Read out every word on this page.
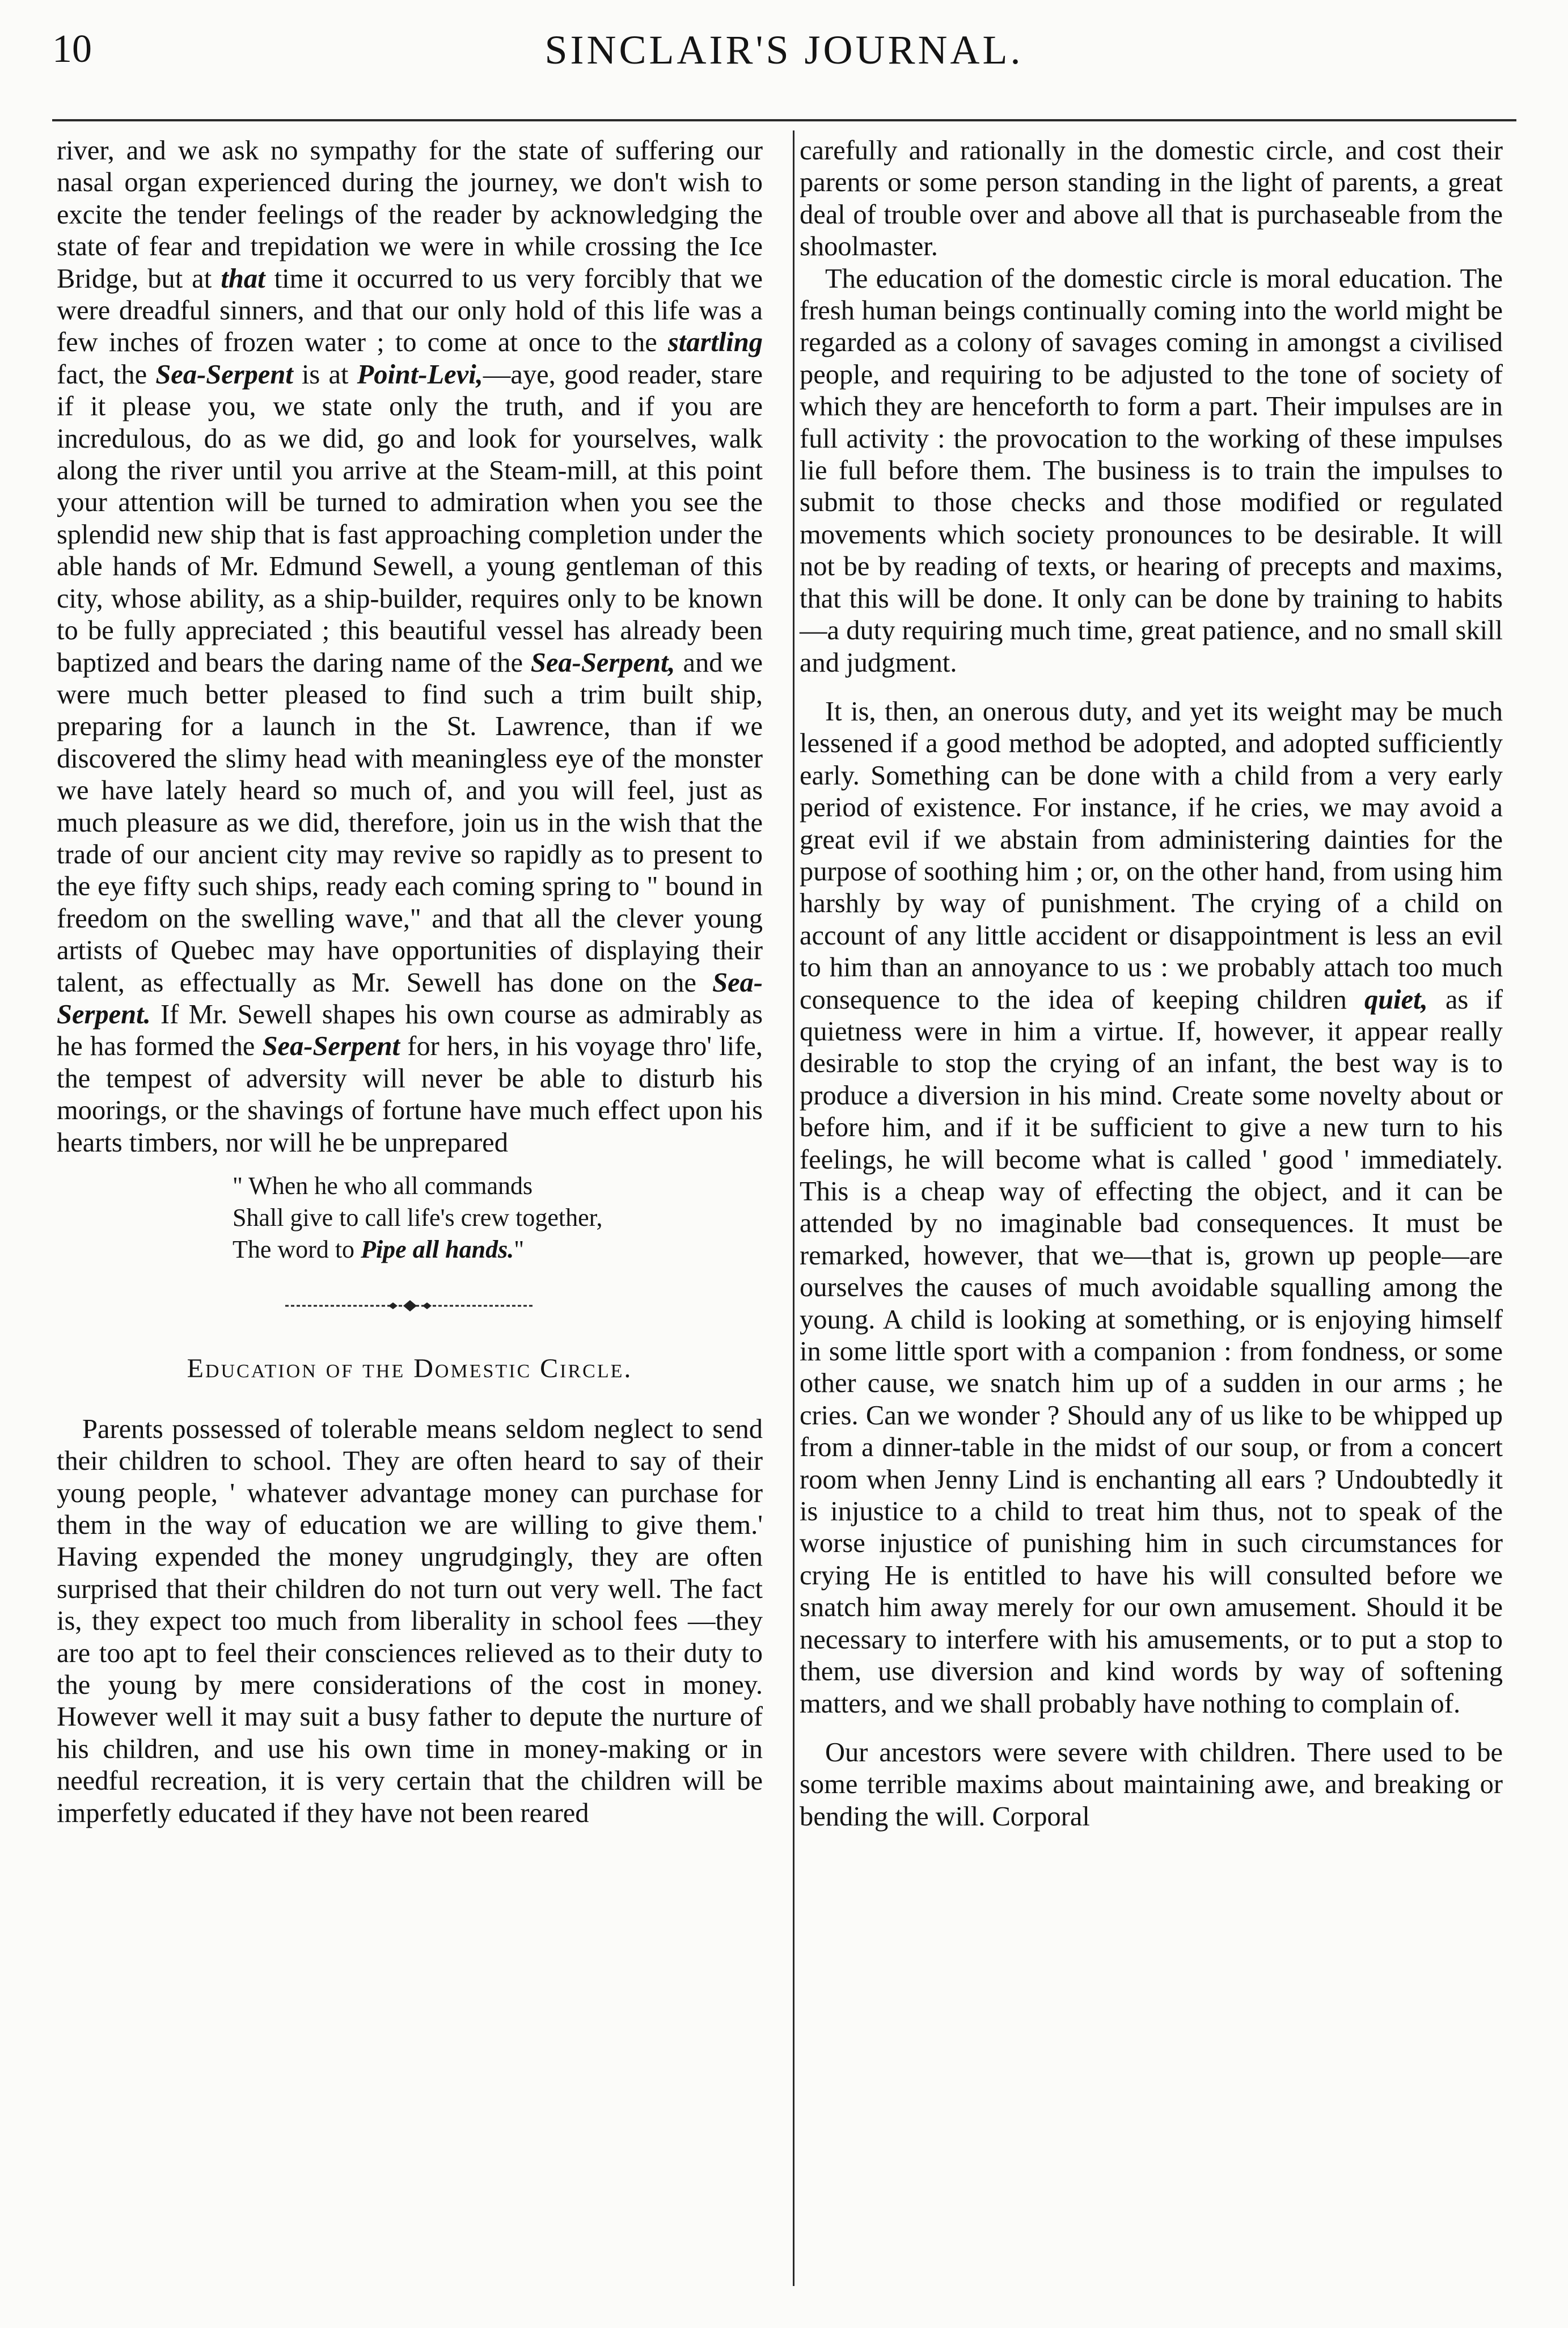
10	SINCLAIR'S JOURNAL.

river, and we ask no sympathy for the state of suffering our nasal organ experienced during the journey, we don't wish to excite the tender feelings of the reader by acknowledging the state of fear and trepidation we were in while crossing the Ice Bridge, but at that time it occurred to us very forcibly that we were dreadful sinners, and that our only hold of this life was a few inches of frozen water ; to come at once to the startling fact, the Sea-Serpent is at Point-Levi,—aye, good reader, stare if it please you, we state only the truth, and if you are incredulous, do as we did, go and look for yourselves, walk along the river until you arrive at the Steam-mill, at this point your attention will be turned to admiration when you see the splendid new ship that is fast approaching completion under the able hands of Mr. Edmund Sewell, a young gentleman of this city, whose ability, as a ship-builder, requires only to be known to be fully appreciated ; this beautiful vessel has already been baptized and bears the daring name of the Sea-Serpent, and we were much better pleased to find such a trim built ship, preparing for a launch in the St. Lawrence, than if we discovered the slimy head with meaningless eye of the monster we have lately heard so much of, and you will feel, just as much pleasure as we did, therefore, join us in the wish that the trade of our ancient city may revive so rapidly as to present to the eye fifty such ships, ready each coming spring to " bound in freedom on the swelling wave," and that all the clever young artists of Quebec may have opportunities of displaying their talent, as effectually as Mr. Sewell has done on the Sea-Serpent. If Mr. Sewell shapes his own course as admirably as he has formed the Sea-Serpent for hers, in his voyage thro' life, the tempest of adversity will never be able to disturb his moorings, or the shavings of fortune have much effect upon his hearts timbers, nor will he be unprepared

" When he who all commands
Shall give to call life's crew together,
The word to Pipe all hands."
Education of the Domestic Circle.

Parents possessed of tolerable means seldom neglect to send their children to school. They are often heard to say of their young people, ' whatever advantage money can purchase for them in the way of education we are willing to give them.' Having expended the money ungrudgingly, they are often surprised that their children do not turn out very well. The fact is, they expect too much from liberality in school fees —they are too apt to feel their consciences relieved as to their duty to the young by mere considerations of the cost in money. However well it may suit a busy father to depute the nurture of his children, and use his own time in money-making or in needful recreation, it is very certain that the children will be imperfetly educated if they have not been reared

carefully and rationally in the domestic circle, and cost their parents or some person standing in the light of parents, a great deal of trouble over and above all that is purchaseable from the shoolmaster.

The education of the domestic circle is moral education. The fresh human beings continually coming into the world might be regarded as a colony of savages coming in amongst a civilised people, and requiring to be adjusted to the tone of society of which they are henceforth to form a part. Their impulses are in full activity : the provocation to the working of these impulses lie full before them. The business is to train the impulses to submit to those checks and those modified or regulated movements which society pronounces to be desirable. It will not be by reading of texts, or hearing of precepts and maxims, that this will be done. It only can be done by training to habits—a duty requiring much time, great patience, and no small skill and judgment.

It is, then, an onerous duty, and yet its weight may be much lessened if a good method be adopted, and adopted sufficiently early. Something can be done with a child from a very early period of existence. For instance, if he cries, we may avoid a great evil if we abstain from administering dainties for the purpose of soothing him ; or, on the other hand, from using him harshly by way of punishment. The crying of a child on account of any little accident or disappointment is less an evil to him than an annoyance to us : we probably attach too much consequence to the idea of keeping children quiet, as if quietness were in him a virtue. If, however, it appear really desirable to stop the crying of an infant, the best way is to produce a diversion in his mind. Create some novelty about or before him, and if it be sufficient to give a new turn to his feelings, he will become what is called ' good ' immediately. This is a cheap way of effecting the object, and it can be attended by no imaginable bad consequences. It must be remarked, however, that we—that is, grown up people—are ourselves the causes of much avoidable squalling among the young. A child is looking at something, or is enjoying himself in some little sport with a companion : from fondness, or some other cause, we snatch him up of a sudden in our arms ; he cries. Can we wonder ? Should any of us like to be whipped up from a dinner-table in the midst of our soup, or from a concert room when Jenny Lind is enchanting all ears ? Undoubtedly it is injustice to a child to treat him thus, not to speak of the worse injustice of punishing him in such circumstances for crying He is entitled to have his will consulted before we snatch him away merely for our own amusement. Should it be necessary to interfere with his amusements, or to put a stop to them, use diversion and kind words by way of softening matters, and we shall probably have nothing to complain of.

Our ancestors were severe with children. There used to be some terrible maxims about maintaining awe, and breaking or bending the will. Corporal
